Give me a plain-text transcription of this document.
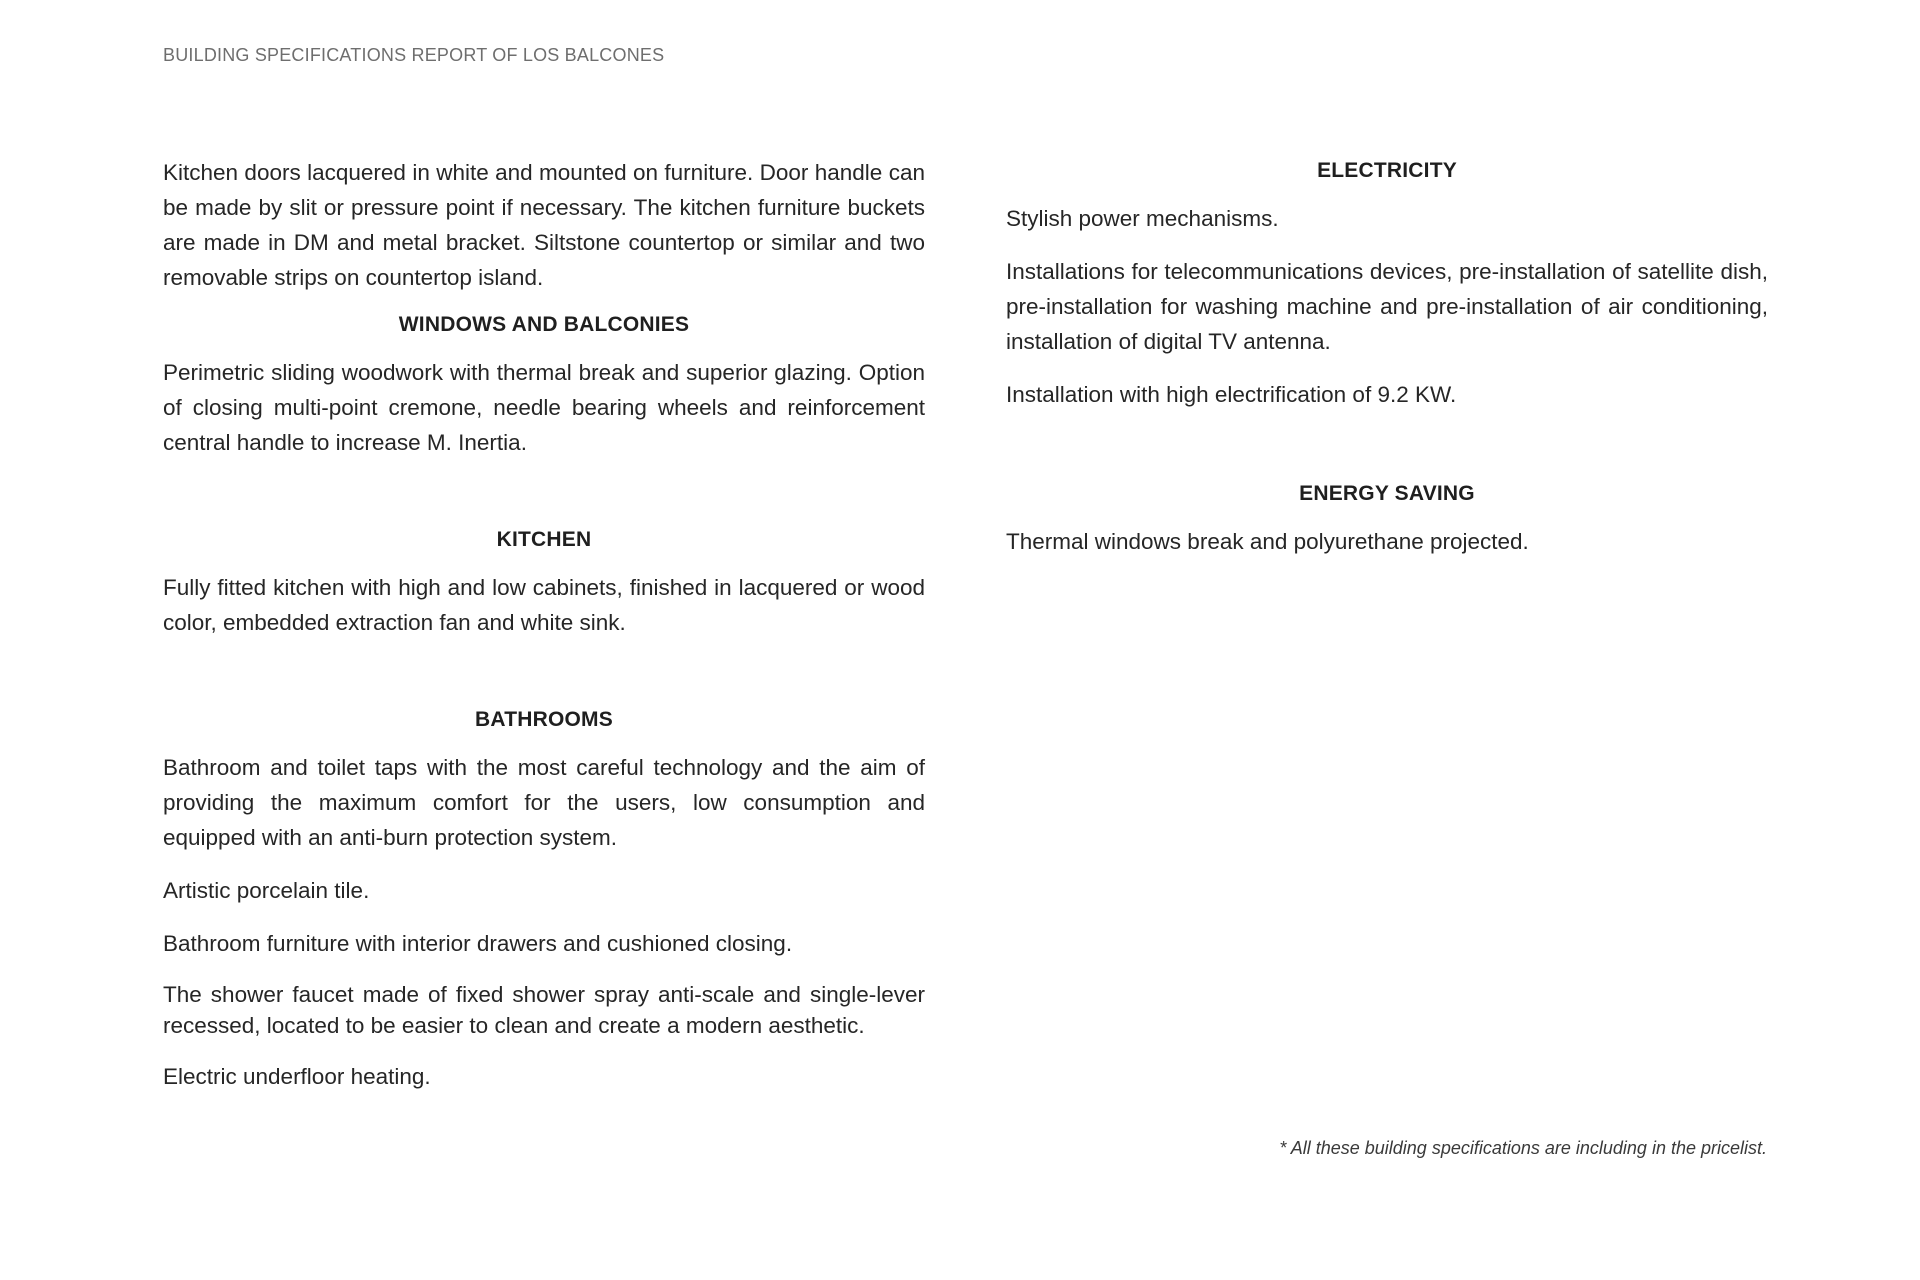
BUILDING SPECIFICATIONS REPORT OF LOS BALCONES

Kitchen doors lacquered in white and mounted on furniture. Door handle can be made by slit or pressure point if necessary. The kitchen furniture buckets are made in DM and metal bracket. Siltstone countertop or similar and two removable strips on countertop island.

WINDOWS AND BALCONIES

Perimetric sliding woodwork with thermal break and superior glazing. Option of closing multi-point cremone, needle bearing wheels and reinforcement central handle to increase M. Inertia.

KITCHEN

Fully fitted kitchen with high and low cabinets, finished in lacquered or wood color, embedded extraction fan and white sink.

BATHROOMS

Bathroom and toilet taps with the most careful technology and the aim of providing the maximum comfort for the users, low consumption and equipped with an anti-burn protection system.

Artistic porcelain tile.

Bathroom furniture with interior drawers and cushioned closing.

The shower faucet made of fixed shower spray anti-scale and single-lever recessed, located to be easier to clean and create a modern aesthetic.

Electric underfloor heating.

ELECTRICITY

Stylish power mechanisms.

Installations for telecommunications devices, pre-installation of satellite dish, pre-installation for washing machine and pre-installation of air conditioning, installation of digital TV antenna.

Installation with high electrification of 9.2 KW.

ENERGY SAVING

Thermal windows break and polyurethane projected.

* All these building specifications are including in the pricelist.
